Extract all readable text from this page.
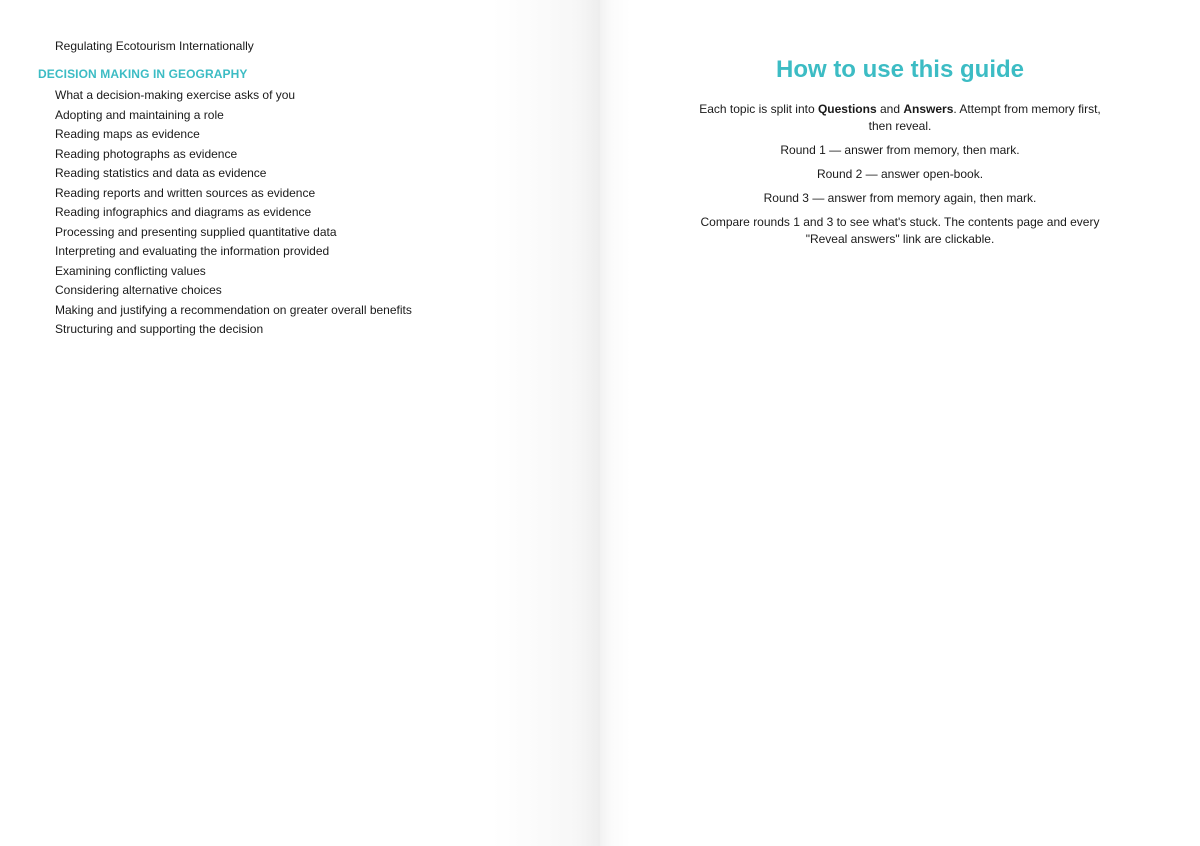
Regulating Ecotourism Internationally
DECISION MAKING IN GEOGRAPHY
What a decision-making exercise asks of you
Adopting and maintaining a role
Reading maps as evidence
Reading photographs as evidence
Reading statistics and data as evidence
Reading reports and written sources as evidence
Reading infographics and diagrams as evidence
Processing and presenting supplied quantitative data
Interpreting and evaluating the information provided
Examining conflicting values
Considering alternative choices
Making and justifying a recommendation on greater overall benefits
Structuring and supporting the decision
How to use this guide

Each topic is split into Questions and Answers. Attempt from memory first, then reveal.

Round 1 — answer from memory, then mark.

Round 2 — answer open-book.

Round 3 — answer from memory again, then mark.

Compare rounds 1 and 3 to see what's stuck. The contents page and every "Reveal answers" link are clickable.
